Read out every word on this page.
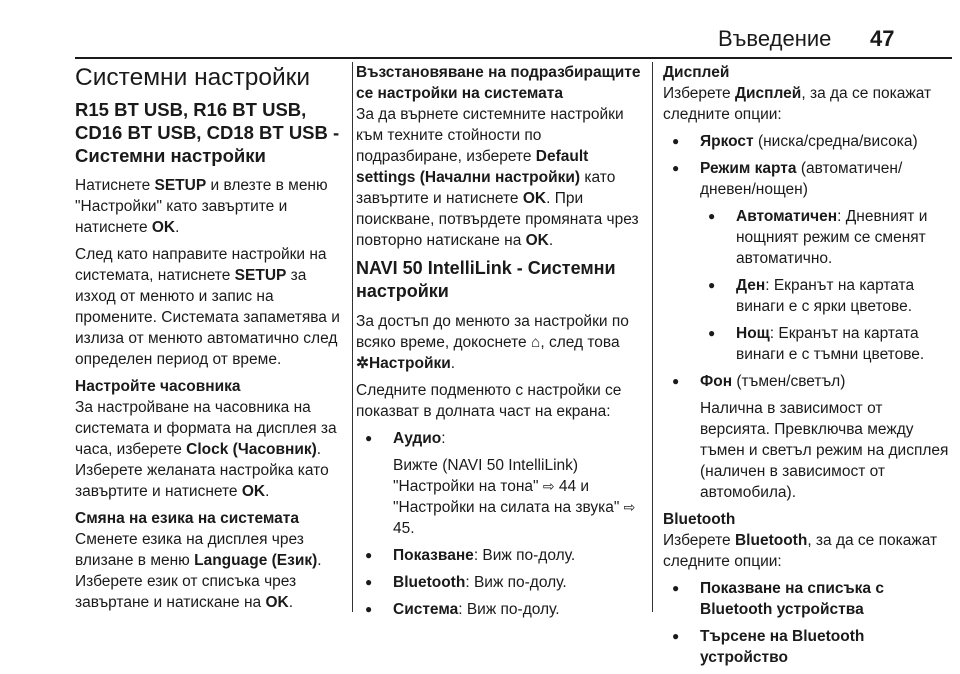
Въведение 47
Системни настройки
R15 BT USB, R16 BT USB, CD16 BT USB, CD18 BT USB - Системни настройки

Натиснете SETUP и влезте в меню "Настройки" като завъртите и натиснете OK.

След като направите настройки на системата, натиснете SETUP за изход от менюто и запис на промените. Системата запаметява и излиза от менюто автоматично след определен период от време.

Настройте часовника

За настройване на часовника на системата и формата на дисплея за часа, изберете Clock (Часовник). Изберете желаната настройка като завъртите и натиснете OK.

Смяна на езика на системата

Сменете езика на дисплея чрез влизане в меню Language (Език). Изберете език от списъка чрез завъртане и натискане на OK.

Възстановяване на подразбиращите се настройки на системата

За да върнете системните настройки към техните стойности по подразбиране, изберете Default settings (Начални настройки) като завъртите и натиснете OK. При поискване, потвърдете промяната чрез повторно натискане на OK.

NAVI 50 IntelliLink - Системни настройки

За достъп до менюто за настройки по всяко време, докоснете ⌂, след това ✲Настройки.

Следните подменюто с настройки се показват в долната част на екрана:

● Аудио:
Вижте (NAVI 50 IntelliLink) "Настройки на тона" ⇨ 44 и "Настройки на силата на звука" ⇨ 45.
● Показване: Виж по-долу.
● Bluetooth: Виж по-долу.
● Система: Виж по-долу.
Дисплей

Изберете Дисплей, за да се покажат следните опции:

● Яркост (ниска/средна/висока)
● Режим карта (автоматичен/ дневен/нощен)
● Автоматичен: Дневният и нощният режим се сменят автоматично.
● Ден: Екранът на картата винаги е с ярки цветове.
● Нощ: Екранът на картата винаги е с тъмни цветове.
● Фон (тъмен/светъл)
Налична в зависимост от версията. Превключва между тъмен и светъл режим на дисплея (наличен в зависимост от автомобила).
Bluetooth

Изберете Bluetooth, за да се покажат следните опции:

● Показване на списъка с Bluetooth устройства
● Търсене на Bluetooth устройство
